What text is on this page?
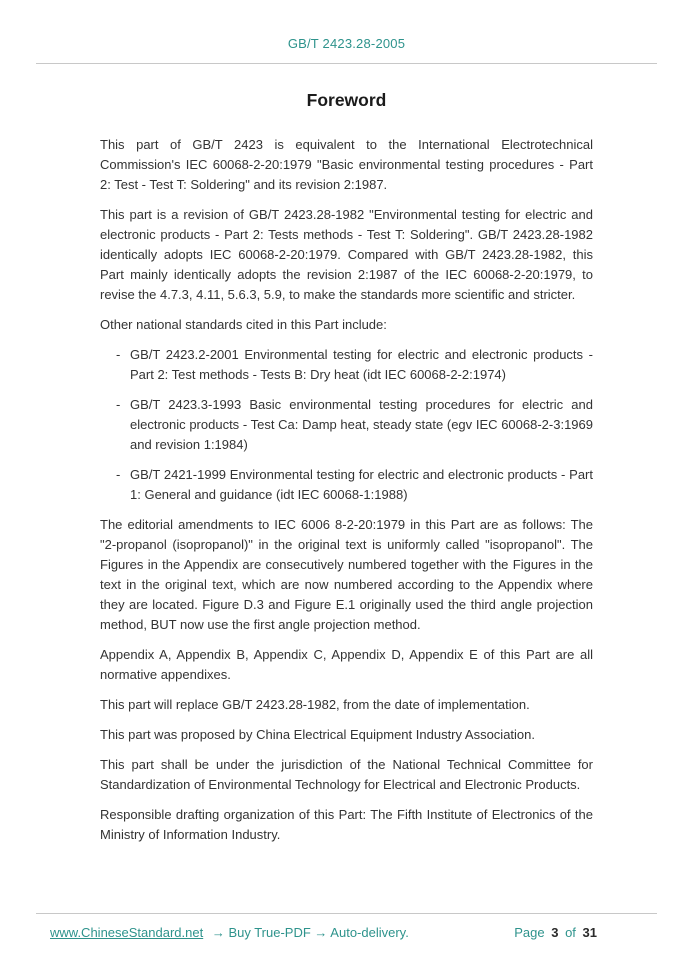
GB/T 2423.28-2005
Foreword

This part of GB/T 2423 is equivalent to the International Electrotechnical Commission's IEC 60068-2-20:1979 "Basic environmental testing procedures - Part 2: Test - Test T: Soldering" and its revision 2:1987.

This part is a revision of GB/T 2423.28-1982 "Environmental testing for electric and electronic products - Part 2: Tests methods - Test T: Soldering". GB/T 2423.28-1982 identically adopts IEC 60068-2-20:1979. Compared with GB/T 2423.28-1982, this Part mainly identically adopts the revision 2:1987 of the IEC 60068-2-20:1979, to revise the 4.7.3, 4.11, 5.6.3, 5.9, to make the standards more scientific and stricter.

Other national standards cited in this Part include:

- GB/T 2423.2-2001 Environmental testing for electric and electronic products - Part 2: Test methods - Tests B: Dry heat (idt IEC 60068-2-2:1974)
- GB/T 2423.3-1993 Basic environmental testing procedures for electric and electronic products - Test Ca: Damp heat, steady state (egv IEC 60068-2-3:1969 and revision 1:1984)
- GB/T 2421-1999 Environmental testing for electric and electronic products - Part 1: General and guidance (idt IEC 60068-1:1988)

The editorial amendments to IEC 6006 8-2-20:1979 in this Part are as follows: The "2-propanol (isopropanol)" in the original text is uniformly called "isopropanol". The Figures in the Appendix are consecutively numbered together with the Figures in the text in the original text, which are now numbered according to the Appendix where they are located. Figure D.3 and Figure E.1 originally used the third angle projection method, BUT now use the first angle projection method.

Appendix A, Appendix B, Appendix C, Appendix D, Appendix E of this Part are all normative appendixes.

This part will replace GB/T 2423.28-1982, from the date of implementation.

This part was proposed by China Electrical Equipment Industry Association.

This part shall be under the jurisdiction of the National Technical Committee for Standardization of Environmental Technology for Electrical and Electronic Products.

Responsible drafting organization of this Part: The Fifth Institute of Electronics of the Ministry of Information Industry.

www.ChineseStandard.net → Buy True-PDF → Auto-delivery.	Page 3 of 31
